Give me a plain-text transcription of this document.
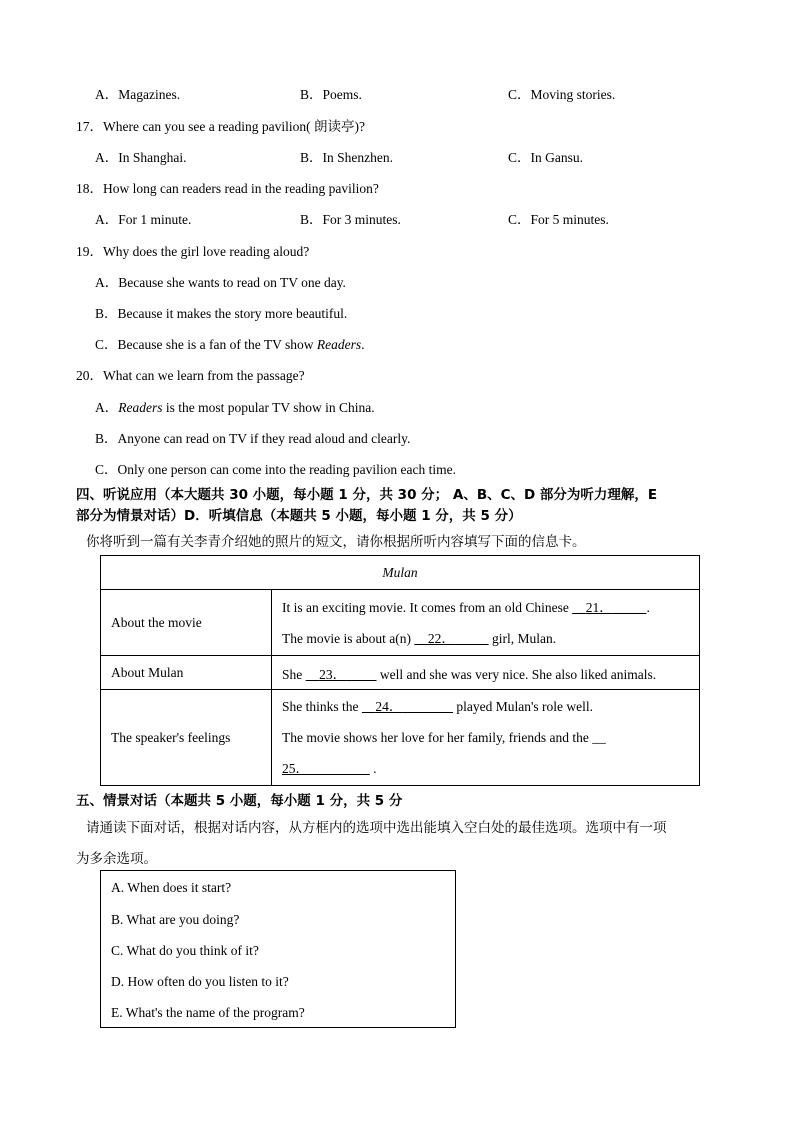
A．Magazines.	B．Poems.	C．Moving stories.
17．Where can you see a reading pavilion( 朗读亭)?
A．In Shanghai.	B．In Shenzhen.	C．In Gansu.
18．How long can readers read in the reading pavilion?
A．For 1 minute.	B．For 3 minutes.	C．For 5 minutes.
19．Why does the girl love reading aloud?
A．Because she wants to read on TV one day.
B．Because it makes the story more beautiful.
C．Because she is a fan of the TV show Readers.
20．What can we learn from the passage?
A．Readers is the most popular TV show in China.
B．Anyone can read on TV if they read aloud and clearly.
C．Only one person can come into the reading pavilion each time.
四、听说应用（本大题共 30 小题，每小题 1 分，共 30 分； A、B、C、D 部分为听力理解，E
部分为情景对话）D．听填信息（本题共 5 小题，每小题 1 分，共 5 分）
你将听到一篇有关李青介绍她的照片的短文，请你根据所听内容填写下面的信息卡。
Mulan	
About the movie	It is an exciting movie. It comes from an old Chinese     21． .
The movie is about a(n)     22． girl, Mulan.

About Mulan	She     23．          well and she was very nice. She also liked animals.
The speaker's feelings	She thinks the     24． played Mulan's role well.
The movie shows her love for her family, friends and the __
25． .
五、情景对话（本题共 5 小题，每小题 1 分，共 5 分
请通读下面对话，根据对话内容，从方框内的选项中选出能填入空白处的最佳选项。选项中有一项
为多余选项。
A. When does it start?
B. What are you doing?
C. What do you think of it?
D. How often do you listen to it?
E. What's the name of the program?
